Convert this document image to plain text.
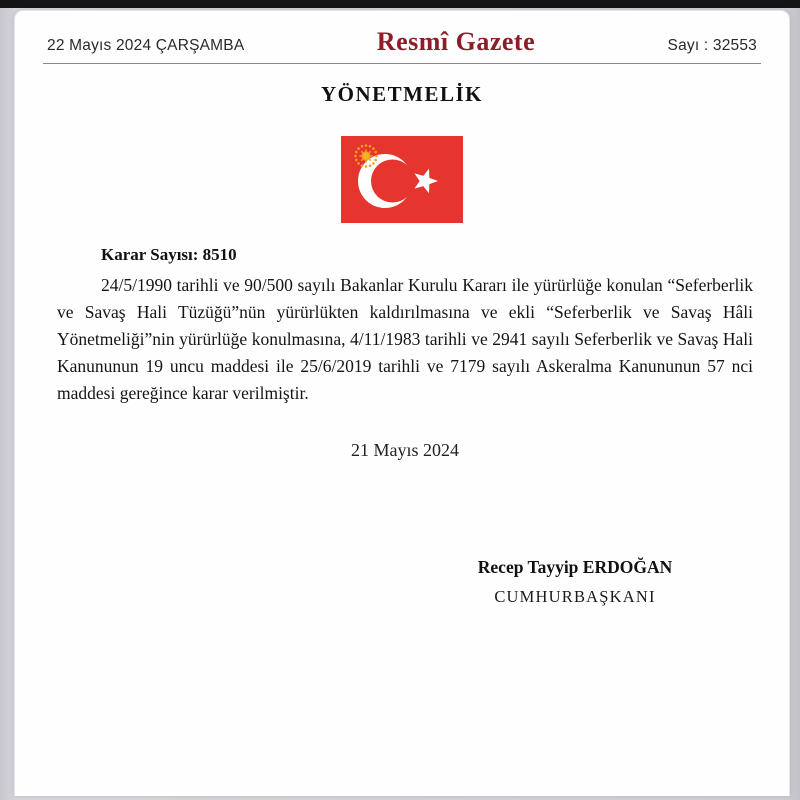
22 Mayıs 2024 ÇARŞAMBA	Resmî Gazete	Sayı : 32553
YÖNETMELİK
Karar Sayısı: 8510
24/5/1990 tarihli ve 90/500 sayılı Bakanlar Kurulu Kararı ile yürürlüğe konulan “Seferberlik ve Savaş Hali Tüzüğü”nün yürürlükten kaldırılmasına ve ekli “Seferberlik ve Savaş Hâli Yönetmeliği”nin yürürlüğe konulmasına, 4/11/1983 tarihli ve 2941 sayılı Seferberlik ve Savaş Hali Kanununun 19 uncu maddesi ile 25/6/2019 tarihli ve 7179 sayılı Askeralma Kanununun 57 nci maddesi gereğince karar verilmiştir.
21 Mayıs 2024
Recep Tayyip ERDOĞAN
CUMHURBAŞKANI
